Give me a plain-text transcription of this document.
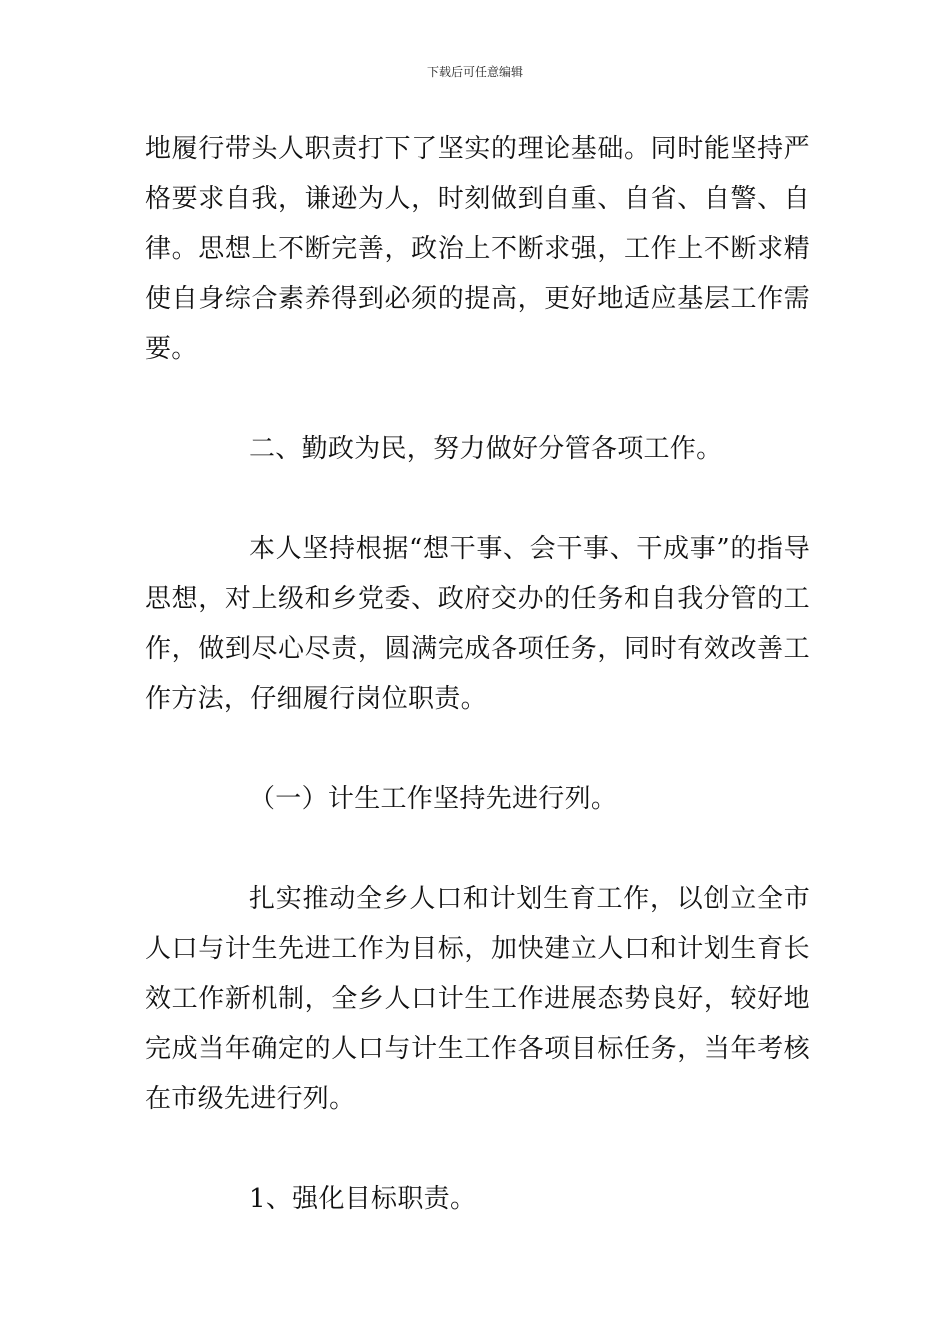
下载后可任意编辑

地履行带头人职责打下了坚实的理论基础。同时能坚持严格要求自我，谦逊为人，时刻做到自重、自省、自警、自律。思想上不断完善，政治上不断求强，工作上不断求精使自身综合素养得到必须的提高，更好地适应基层工作需要。

二、勤政为民，努力做好分管各项工作。

本人坚持根据“想干事、会干事、干成事”的指导思想，对上级和乡党委、政府交办的任务和自我分管的工作，做到尽心尽责，圆满完成各项任务，同时有效改善工作方法，仔细履行岗位职责。

（一）计生工作坚持先进行列。

扎实推动全乡人口和计划生育工作，以创立全市人口与计生先进工作为目标，加快建立人口和计划生育长效工作新机制，全乡人口计生工作进展态势良好，较好地完成当年确定的人口与计生工作各项目标任务，当年考核在市级先进行列。

1、强化目标职责。
